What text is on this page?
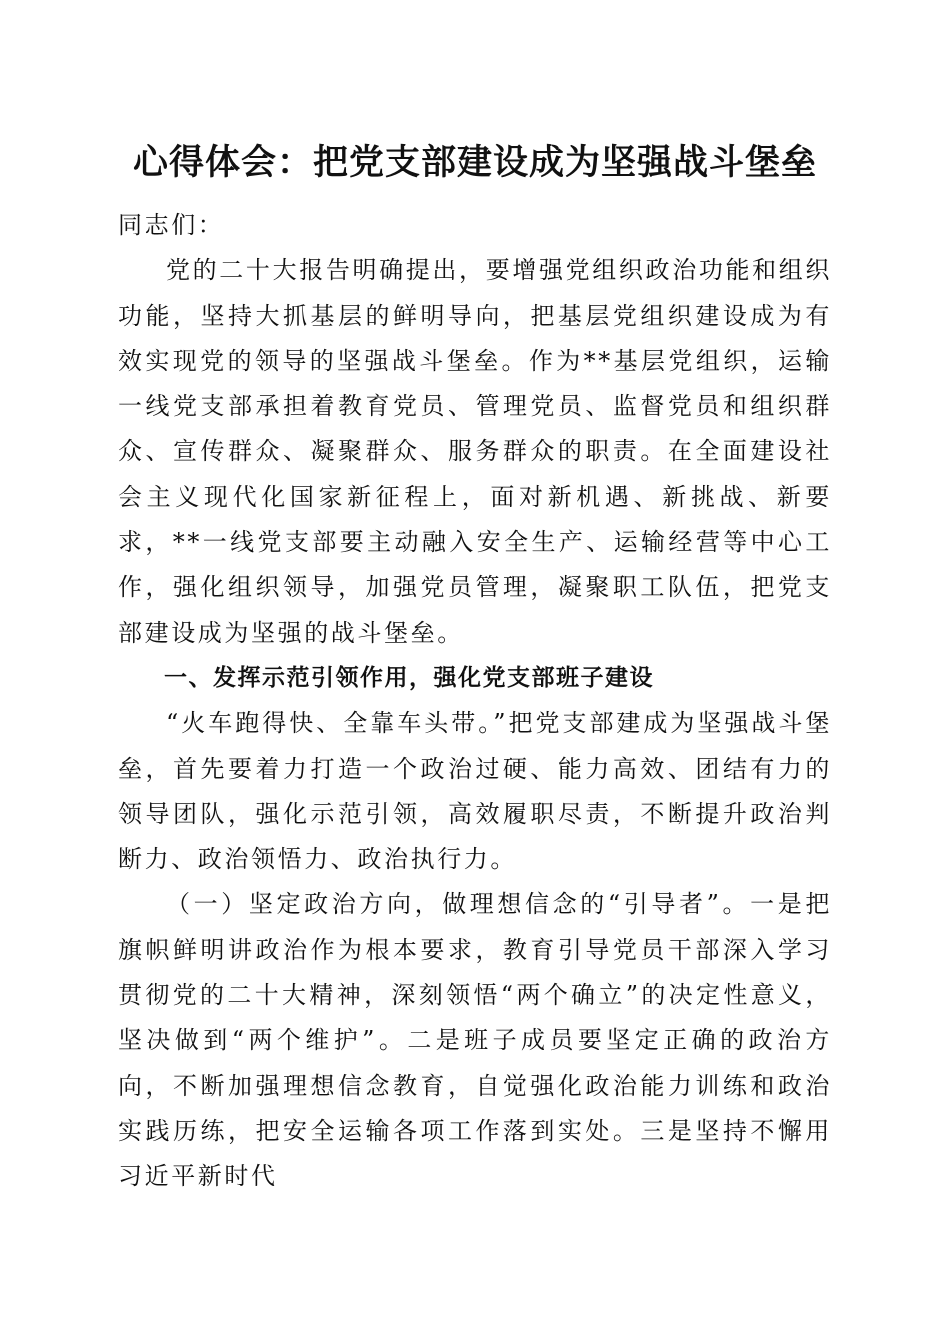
心得体会：把党支部建设成为坚强战斗堡垒

同志们：

党的二十大报告明确提出，要增强党组织政治功能和组织功能，坚持大抓基层的鲜明导向，把基层党组织建设成为有效实现党的领导的坚强战斗堡垒。作为**基层党组织，运输一线党支部承担着教育党员、管理党员、监督党员和组织群众、宣传群众、凝聚群众、服务群众的职责。在全面建设社会主义现代化国家新征程上，面对新机遇、新挑战、新要求，**一线党支部要主动融入安全生产、运输经营等中心工作，强化组织领导，加强党员管理，凝聚职工队伍，把党支部建设成为坚强的战斗堡垒。

一、发挥示范引领作用，强化党支部班子建设

“火车跑得快、全靠车头带。”把党支部建成为坚强战斗堡垒，首先要着力打造一个政治过硬、能力高效、团结有力的领导团队，强化示范引领，高效履职尽责，不断提升政治判断力、政治领悟力、政治执行力。

（一）坚定政治方向，做理想信念的“引导者”。一是把旗帜鲜明讲政治作为根本要求，教育引导党员干部深入学习贯彻党的二十大精神，深刻领悟“两个确立”的决定性意义，坚决做到“两个维护”。二是班子成员要坚定正确的政治方向，不断加强理想信念教育，自觉强化政治能力训练和政治实践历练，把安全运输各项工作落到实处。三是坚持不懈用习近平新时代
